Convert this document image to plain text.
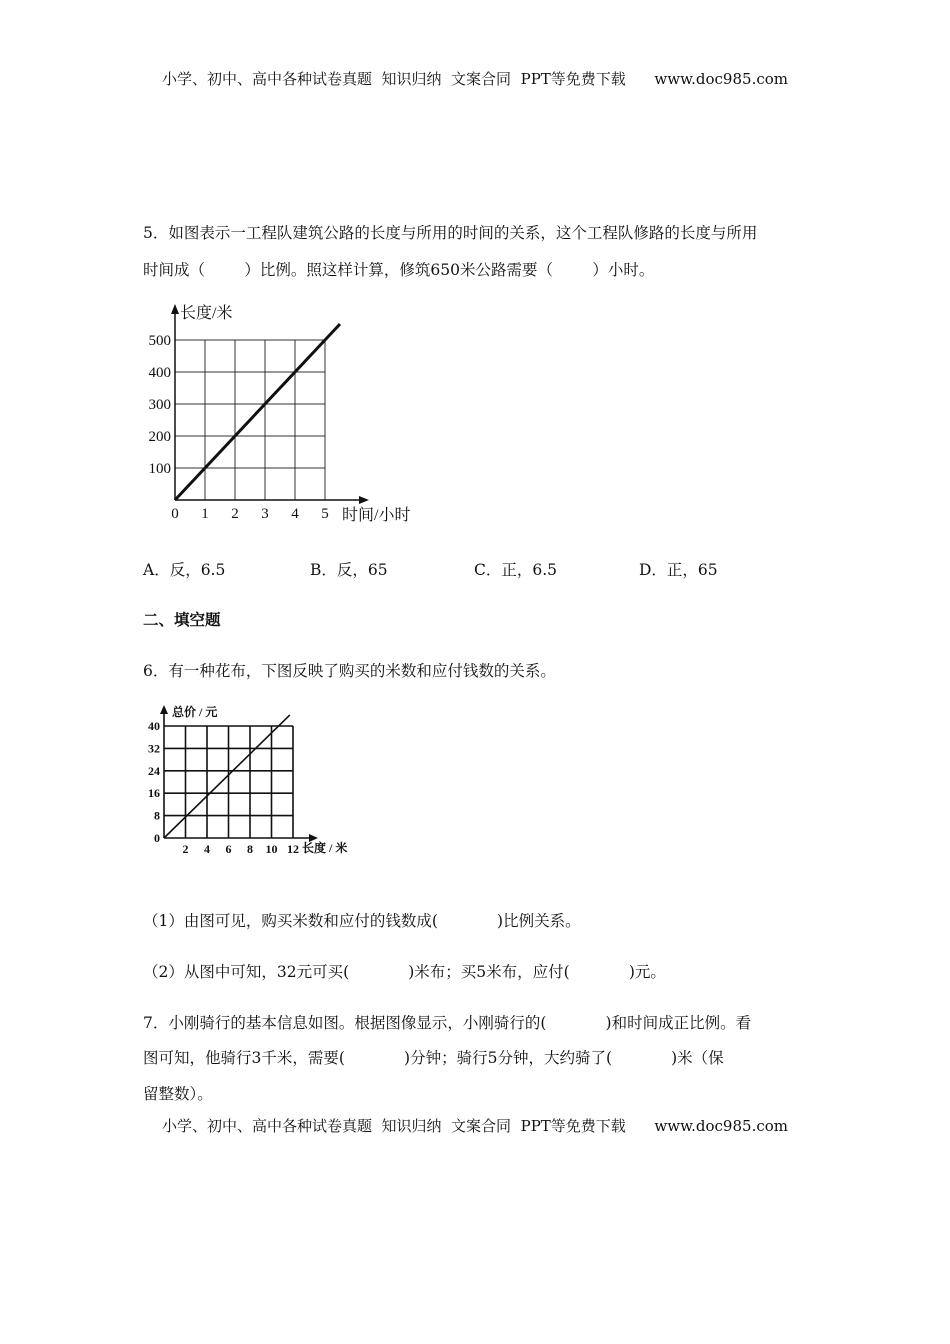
小学、初中、高中各种试卷真题  知识归纳  文案合同  PPT等免费下载      www.doc985.com
5．如图表示一工程队建筑公路的长度与所用的时间的关系，这个工程队修路的长度与所用
时间成（        ）比例。照这样计算，修筑650米公路需要（        ）小时。
0 1 2 3 4 5
100
200
300
400
500
长度/米
时间/小时
A．反，6.5	B．反，65	C．正，6.5	D．正，65
二、填空题
6．有一种花布，下图反映了购买的米数和应付钱数的关系。
2 4 6 8 10 12
0
8
16
24
32
40
总价 / 元
长度 / 米
（1）由图可见，购买米数和应付的钱数成(            )比例关系。
（2）从图中可知，32元可买(            )米布；买5米布，应付(            )元。
7．小刚骑行的基本信息如图。根据图像显示，小刚骑行的(            )和时间成正比例。看
图可知，他骑行3千米，需要(            )分钟；骑行5分钟，大约骑了(            )米（保
留整数）。
小学、初中、高中各种试卷真题  知识归纳  文案合同  PPT等免费下载      www.doc985.com
